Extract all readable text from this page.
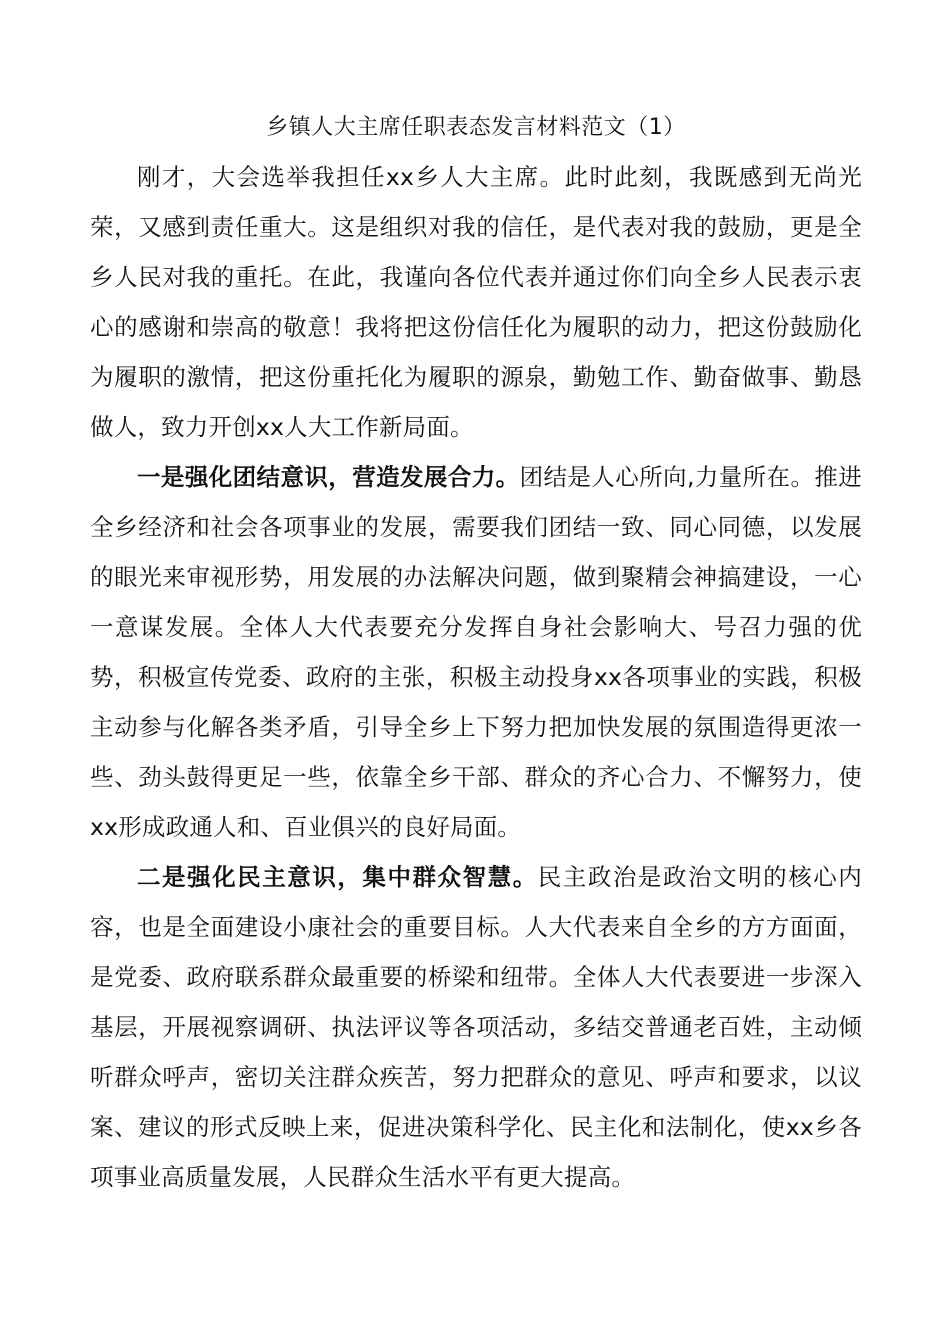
乡镇人大主席任职表态发言材料范文（1）

刚才，大会选举我担任xx乡人大主席。此时此刻，我既感到无尚光荣，又感到责任重大。这是组织对我的信任，是代表对我的鼓励，更是全乡人民对我的重托。在此，我谨向各位代表并通过你们向全乡人民表示衷心的感谢和崇高的敬意！我将把这份信任化为履职的动力，把这份鼓励化为履职的激情，把这份重托化为履职的源泉，勤勉工作、勤奋做事、勤恳做人，致力开创xx人大工作新局面。

一是强化团结意识，营造发展合力。团结是人心所向,力量所在。推进全乡经济和社会各项事业的发展，需要我们团结一致、同心同德，以发展的眼光来审视形势，用发展的办法解决问题，做到聚精会神搞建设，一心一意谋发展。全体人大代表要充分发挥自身社会影响大、号召力强的优势，积极宣传党委、政府的主张，积极主动投身xx各项事业的实践，积极主动参与化解各类矛盾，引导全乡上下努力把加快发展的氛围造得更浓一些、劲头鼓得更足一些，依靠全乡干部、群众的齐心合力、不懈努力，使xx形成政通人和、百业俱兴的良好局面。

二是强化民主意识，集中群众智慧。民主政治是政治文明的核心内容，也是全面建设小康社会的重要目标。人大代表来自全乡的方方面面，是党委、政府联系群众最重要的桥梁和纽带。全体人大代表要进一步深入基层，开展视察调研、执法评议等各项活动，多结交普通老百姓，主动倾听群众呼声，密切关注群众疾苦，努力把群众的意见、呼声和要求，以议案、建议的形式反映上来，促进决策科学化、民主化和法制化，使xx乡各项事业高质量发展，人民群众生活水平有更大提高。
